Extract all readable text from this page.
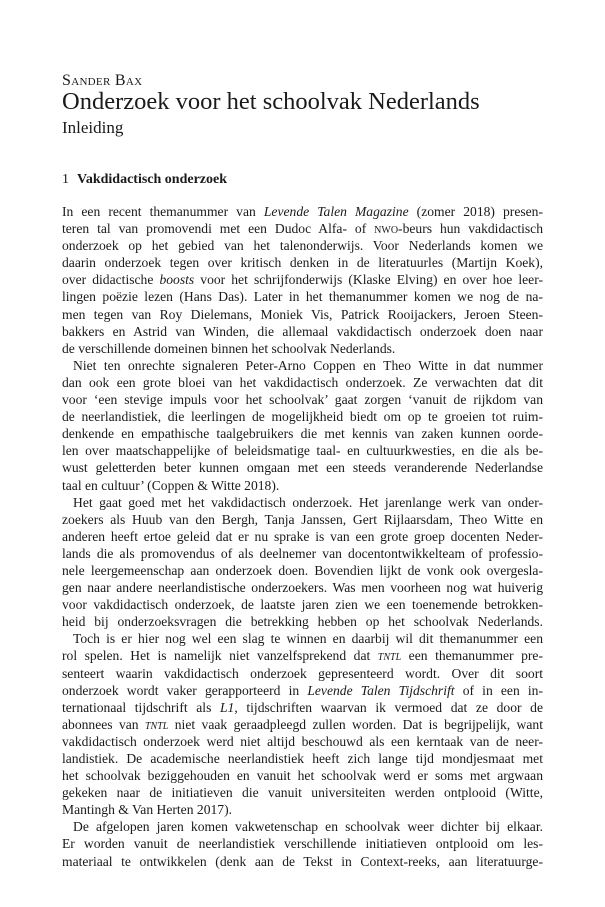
Sander Bax
Onderzoek voor het schoolvak Nederlands
Inleiding
1 Vakdidactisch onderzoek
In een recent themanummer van Levende Talen Magazine (zomer 2018) presen-
teren tal van promovendi met een Dudoc Alfa- of nwo-beurs hun vakdidactisch
onderzoek op het gebied van het talenonderwijs. Voor Nederlands komen we
daarin onderzoek tegen over kritisch denken in de literatuurles (Martijn Koek),
over didactische boosts voor het schrijfonderwijs (Klaske Elving) en over hoe leer-
lingen poëzie lezen (Hans Das). Later in het themanummer komen we nog de na-
men tegen van Roy Dielemans, Moniek Vis, Patrick Rooijackers, Jeroen Steen-
bakkers en Astrid van Winden, die allemaal vakdidactisch onderzoek doen naar
de verschillende domeinen binnen het schoolvak Nederlands.
Niet ten onrechte signaleren Peter-Arno Coppen en Theo Witte in dat nummer
dan ook een grote bloei van het vakdidactisch onderzoek. Ze verwachten dat dit
voor ‘een stevige impuls voor het schoolvak’ gaat zorgen ‘vanuit de rijkdom van
de neerlandistiek, die leerlingen de mogelijkheid biedt om op te groeien tot ruim-
denkende en empathische taalgebruikers die met kennis van zaken kunnen oorde-
len over maatschappelijke of beleidsmatige taal- en cultuurkwesties, en die als be-
wust geletterden beter kunnen omgaan met een steeds veranderende Nederlandse
taal en cultuur’ (Coppen & Witte 2018).
Het gaat goed met het vakdidactisch onderzoek. Het jarenlange werk van onder-
zoekers als Huub van den Bergh, Tanja Janssen, Gert Rijlaarsdam, Theo Witte en
anderen heeft ertoe geleid dat er nu sprake is van een grote groep docenten Neder-
lands die als promovendus of als deelnemer van docentontwikkelteam of professio-
nele leergemeenschap aan onderzoek doen. Bovendien lijkt de vonk ook overgesla-
gen naar andere neerlandistische onderzoekers. Was men voorheen nog wat huiverig
voor vakdidactisch onderzoek, de laatste jaren zien we een toenemende betrokken-
heid bij onderzoeksvragen die betrekking hebben op het schoolvak Nederlands.
Toch is er hier nog wel een slag te winnen en daarbij wil dit themanummer een
rol spelen. Het is namelijk niet vanzelfsprekend dat tntl een themanummer pre-
senteert waarin vakdidactisch onderzoek gepresenteerd wordt. Over dit soort
onderzoek wordt vaker gerapporteerd in Levende Talen Tijdschrift of in een in-
ternationaal tijdschrift als L1, tijdschriften waarvan ik vermoed dat ze door de
abonnees van tntl niet vaak geraadpleegd zullen worden. Dat is begrijpelijk, want
vakdidactisch onderzoek werd niet altijd beschouwd als een kerntaak van de neer-
landistiek. De academische neerlandistiek heeft zich lange tijd mondjesmaat met
het schoolvak beziggehouden en vanuit het schoolvak werd er soms met argwaan
gekeken naar de initiatieven die vanuit universiteiten werden ontplooid (Witte,
Mantingh & Van Herten 2017).
De afgelopen jaren komen vakwetenschap en schoolvak weer dichter bij elkaar.
Er worden vanuit de neerlandistiek verschillende initiatieven ontplooid om les-
materiaal te ontwikkelen (denk aan de Tekst in Context-reeks, aan literatuurge-
